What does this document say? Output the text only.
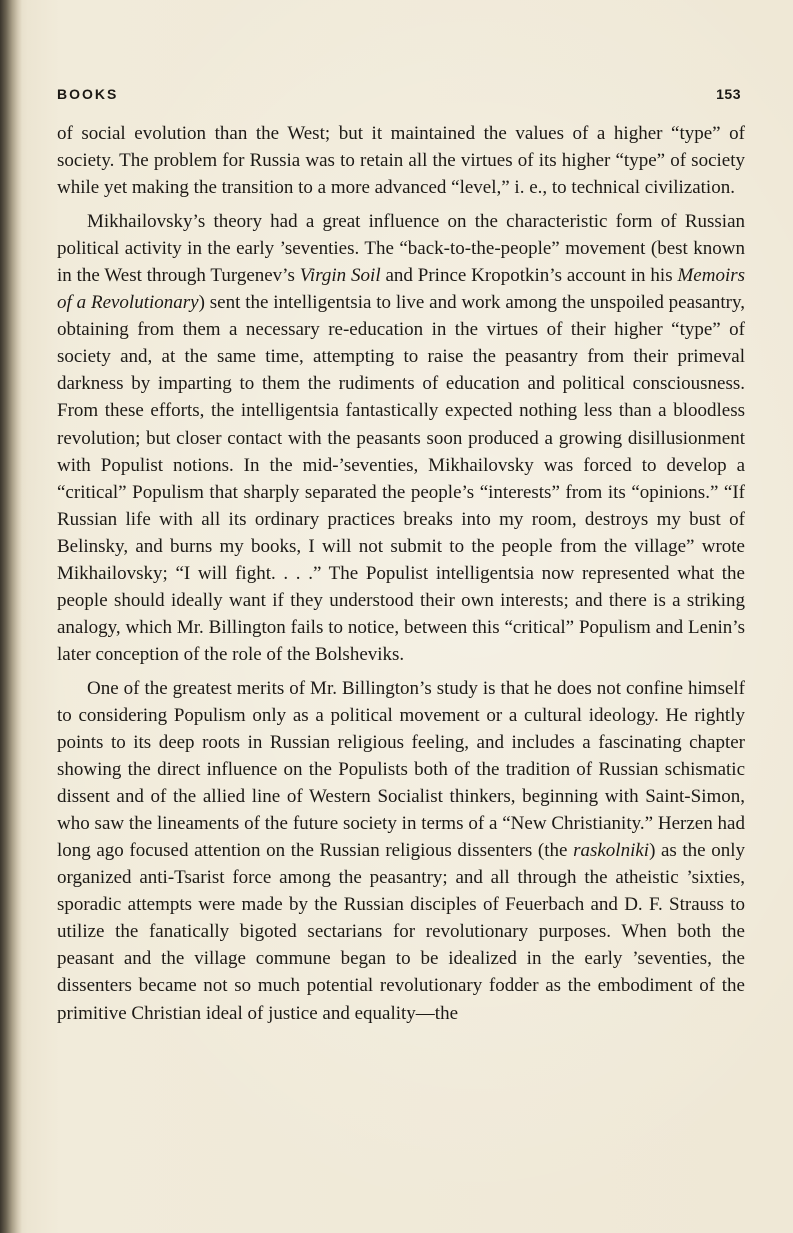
BOOKS	153

of social evolution than the West; but it maintained the values of a higher “type” of society. The problem for Russia was to retain all the virtues of its higher “type” of society while yet making the transition to a more advanced “level,” i. e., to technical civilization.

Mikhailovsky’s theory had a great influence on the characteristic form of Russian political activity in the early ’seventies. The “back-to-the-people” movement (best known in the West through Turgenev’s Virgin Soil and Prince Kropotkin’s account in his Memoirs of a Revolutionary) sent the intelligentsia to live and work among the unspoiled peasantry, obtaining from them a necessary re-education in the virtues of their higher “type” of society and, at the same time, attempting to raise the peasantry from their primeval darkness by imparting to them the rudiments of education and political consciousness. From these efforts, the intelligentsia fantastically expected nothing less than a bloodless revolution; but closer contact with the peasants soon produced a growing disillusionment with Populist notions. In the mid-’seventies, Mikhailovsky was forced to develop a “critical” Populism that sharply separated the people’s “interests” from its “opinions.” “If Russian life with all its ordinary practices breaks into my room, destroys my bust of Belinsky, and burns my books, I will not submit to the people from the village” wrote Mikhailovsky; “I will fight. . . .” The Populist intelligentsia now represented what the people should ideally want if they understood their own interests; and there is a striking analogy, which Mr. Billington fails to notice, between this “critical” Populism and Lenin’s later conception of the role of the Bolsheviks.

One of the greatest merits of Mr. Billington’s study is that he does not confine himself to considering Populism only as a political movement or a cultural ideology. He rightly points to its deep roots in Russian religious feeling, and includes a fascinating chapter showing the direct influence on the Populists both of the tradition of Russian schismatic dissent and of the allied line of Western Socialist thinkers, beginning with Saint-Simon, who saw the lineaments of the future society in terms of a “New Christianity.” Herzen had long ago focused attention on the Russian religious dissenters (the raskolniki) as the only organized anti-Tsarist force among the peasantry; and all through the atheistic ’sixties, sporadic attempts were made by the Russian disciples of Feuerbach and D. F. Strauss to utilize the fanatically bigoted sectarians for revolutionary purposes. When both the peasant and the village commune began to be idealized in the early ’seventies, the dissenters became not so much potential revolutionary fodder as the embodiment of the primitive Christian ideal of justice and equality—the
